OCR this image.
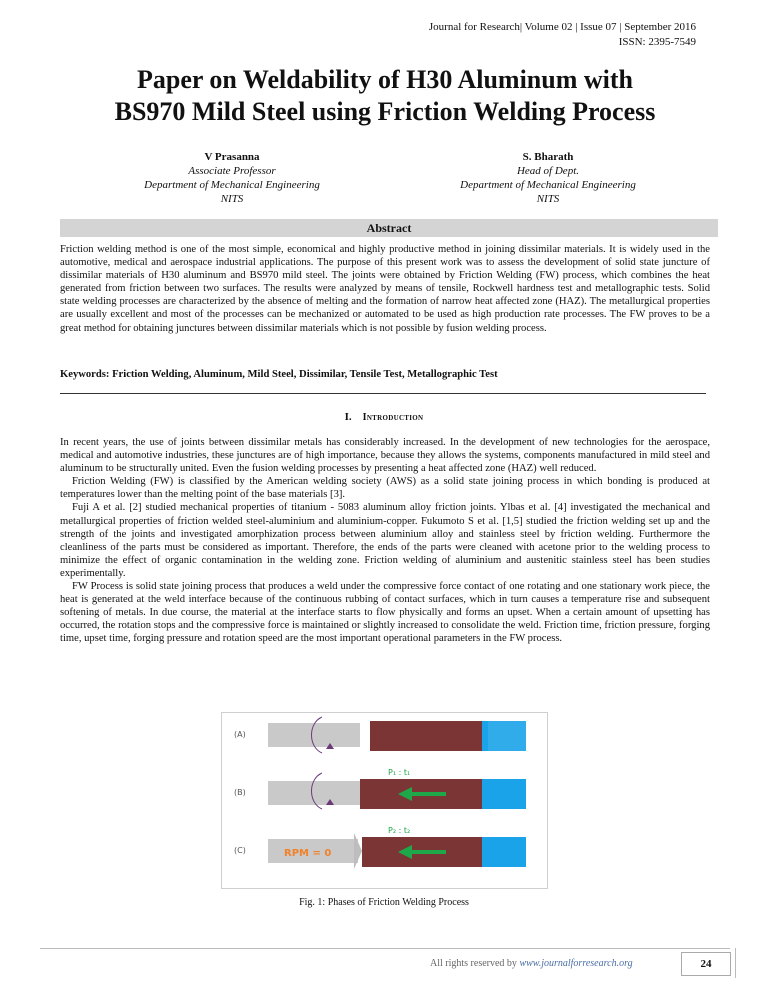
Journal for Research| Volume 02 | Issue 07 | September 2016
ISSN: 2395-7549
Paper on Weldability of H30 Aluminum with
BS970 Mild Steel using Friction Welding Process
V Prasanna
Associate Professor
Department of Mechanical Engineering
NITS
S. Bharath
Head of Dept.
Department of Mechanical Engineering
NITS
Abstract
Friction welding method is one of the most simple, economical and highly productive method in joining dissimilar materials. It is widely used in the automotive, medical and aerospace industrial applications. The purpose of this present work was to assess the development of solid state juncture of dissimilar materials of H30 aluminum and BS970 mild steel. The joints were obtained by Friction Welding (FW) process, which combines the heat generated from friction between two surfaces. The results were analyzed by means of tensile, Rockwell hardness test and metallographic tests. Solid state welding processes are characterized by the absence of melting and the formation of narrow heat affected zone (HAZ). The metallurgical properties are usually excellent and most of the processes can be mechanized or automated to be used as high production rate processes. The FW proves to be a great method for obtaining junctures between dissimilar materials which is not possible by fusion welding process.
Keywords: Friction Welding, Aluminum, Mild Steel, Dissimilar, Tensile Test, Metallographic Test
I. Introduction

In recent years, the use of joints between dissimilar metals has considerably increased. In the development of new technologies for the aerospace, medical and automotive industries, these junctures are of high importance, because they allows the systems, components manufactured in mild steel and aluminum to be structurally united. Even the fusion welding processes by presenting a heat affected zone (HAZ) well reduced.

Friction Welding (FW) is classified by the American welding society (AWS) as a solid state joining process in which bonding is produced at temperatures lower than the melting point of the base materials [3].

Fuji A et al. [2] studied mechanical properties of titanium - 5083 aluminum alloy friction joints. Ylbas et al. [4] investigated the mechanical and metallurgical properties of friction welded steel-aluminium and aluminium-copper. Fukumoto S et al. [1,5] studied the friction welding set up and the strength of the joints and investigated amorphization process between aluminium alloy and stainless steel by friction welding. Furthermore the cleanliness of the parts must be considered as important. Therefore, the ends of the parts were cleaned with acetone prior to the welding process to minimize the effect of organic contamination in the welding zone. Friction welding of aluminium and austenitic stainless steel has been studies experimentally.

FW Process is solid state joining process that produces a weld under the compressive force contact of one rotating and one stationary work piece, the heat is generated at the weld interface because of the continuous rubbing of contact surfaces, which in turn causes a temperature rise and subsequent softening of metals. In due course, the material at the interface starts to flow physically and forms an upset. When a certain amount of upsetting has occurred, the rotation stops and the compressive force is maintained or slightly increased to consolidate the weld. Friction time, friction pressure, forging time, upset time, forging pressure and rotation speed are the most important operational parameters in the FW process.

(A)
(B)
P₁ : t₁
(C)	RPM = 0
P₂ : t₂
Fig. 1: Phases of Friction Welding Process
All rights reserved by www.journalforresearch.org	24
